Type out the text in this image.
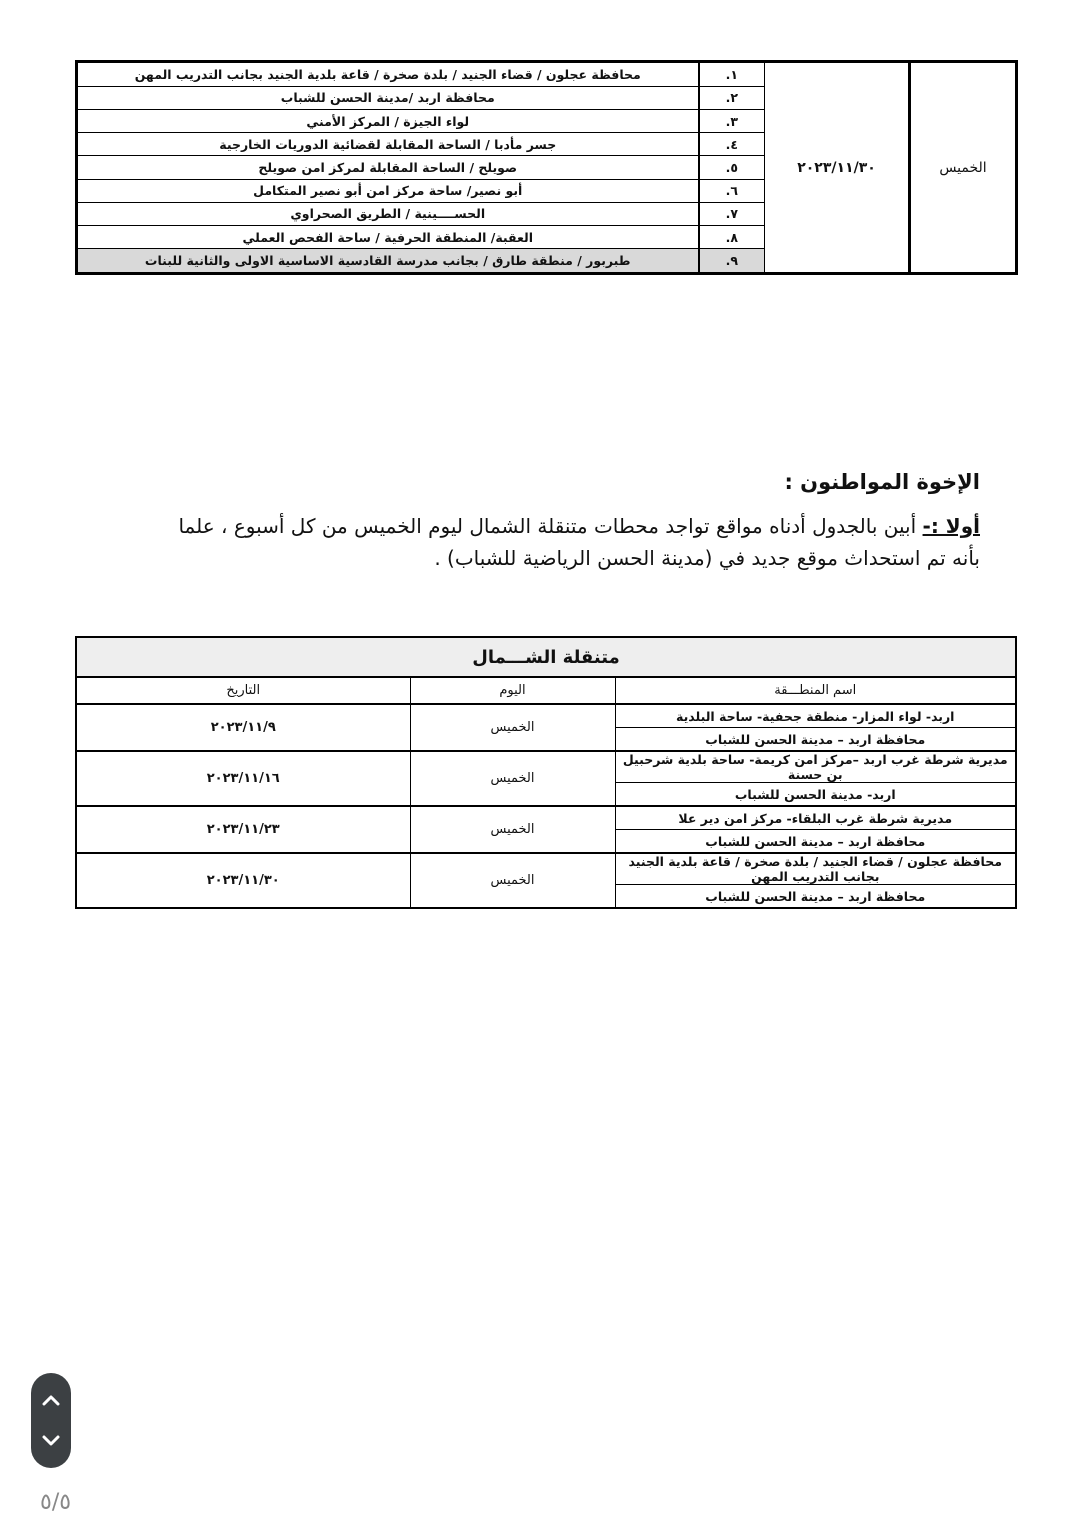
محافظة عجلون / قضاء الجنيد / بلدة صخرة / قاعة بلدية الجنيد بجانب التدريب المهن	.١	٢٠٢٣/١١/٣٠	الخميس
محافظة اربد /مدينة الحسن للشباب	.٢		
لواء الجيزة / المركز الأمني	.٣		
جسر مأدبا / الساحة المقابلة لقضائية الدوريات الخارجية	.٤		
صويلح / الساحة المقابلة لمركز امن صويلح	.٥		
أبو نصير/ ساحة مركز امن أبو نصير المتكامل	.٦		
الحســــينية / الطريق الصحراوي	.٧		
العقبة/ المنطقة الحرفية / ساحة الفحص العملي	.٨		
طبربور / منطقة طارق / بجانب مدرسة القادسية الاساسية الاولى والثانية للبنات	.٩		
الإخوة المواطنون :
أولا :- أبين بالجدول أدناه مواقع تواجد محطات متنقلة الشمال ليوم الخميس من كل أسبوع ، علما بأنه تم استحداث موقع جديد في (مدينة الحسن الرياضية للشباب) .
متنقلة الشـــمال		
التاريخ	اليوم	اسم المنطـــقة
٢٠٢٣/١١/٩	الخميس	اربد- لواء المزار- منطقة جحفية- ساحة البلدية
		محافظة اربد – مدينة الحسن للشباب
٢٠٢٣/١١/١٦	الخميس	مديرية شرطة غرب اربد –مركز امن كريمة- ساحة بلدية شرحبيل بن حسنة
		اربد- مدينة الحسن للشباب
٢٠٢٣/١١/٢٣	الخميس	مديرية شرطة غرب البلقاء- مركز امن دير علا
		محافظة اربد – مدينة الحسن للشباب
٢٠٢٣/١١/٣٠	الخميس	محافظة عجلون / قضاء الجنيد / بلدة صخرة / قاعة بلدية الجنيد بجانب التدريب المهن
		محافظة اربد – مدينة الحسن للشباب
٥/٥
